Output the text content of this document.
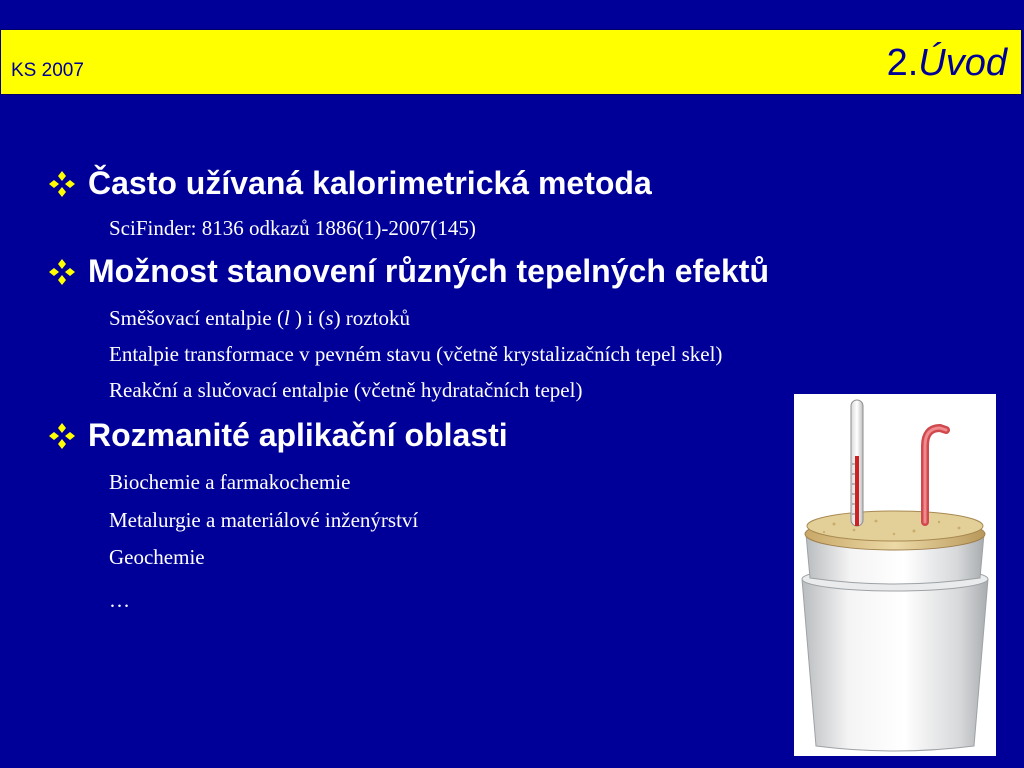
KS 2007	2.Úvod
Často užívaná kalorimetrická metoda
SciFinder: 8136 odkazů 1886(1)-2007(145)
Možnost stanovení různých tepelných efektů
Směšovací entalpie (l ) i (s) roztoků
Entalpie transformace v pevném stavu (včetně krystalizačních tepel skel)
Reakční a slučovací entalpie (včetně hydratačních tepel)
Rozmanité aplikační oblasti
Biochemie a farmakochemie
Metalurgie a materiálové inženýrství
Geochemie
…
